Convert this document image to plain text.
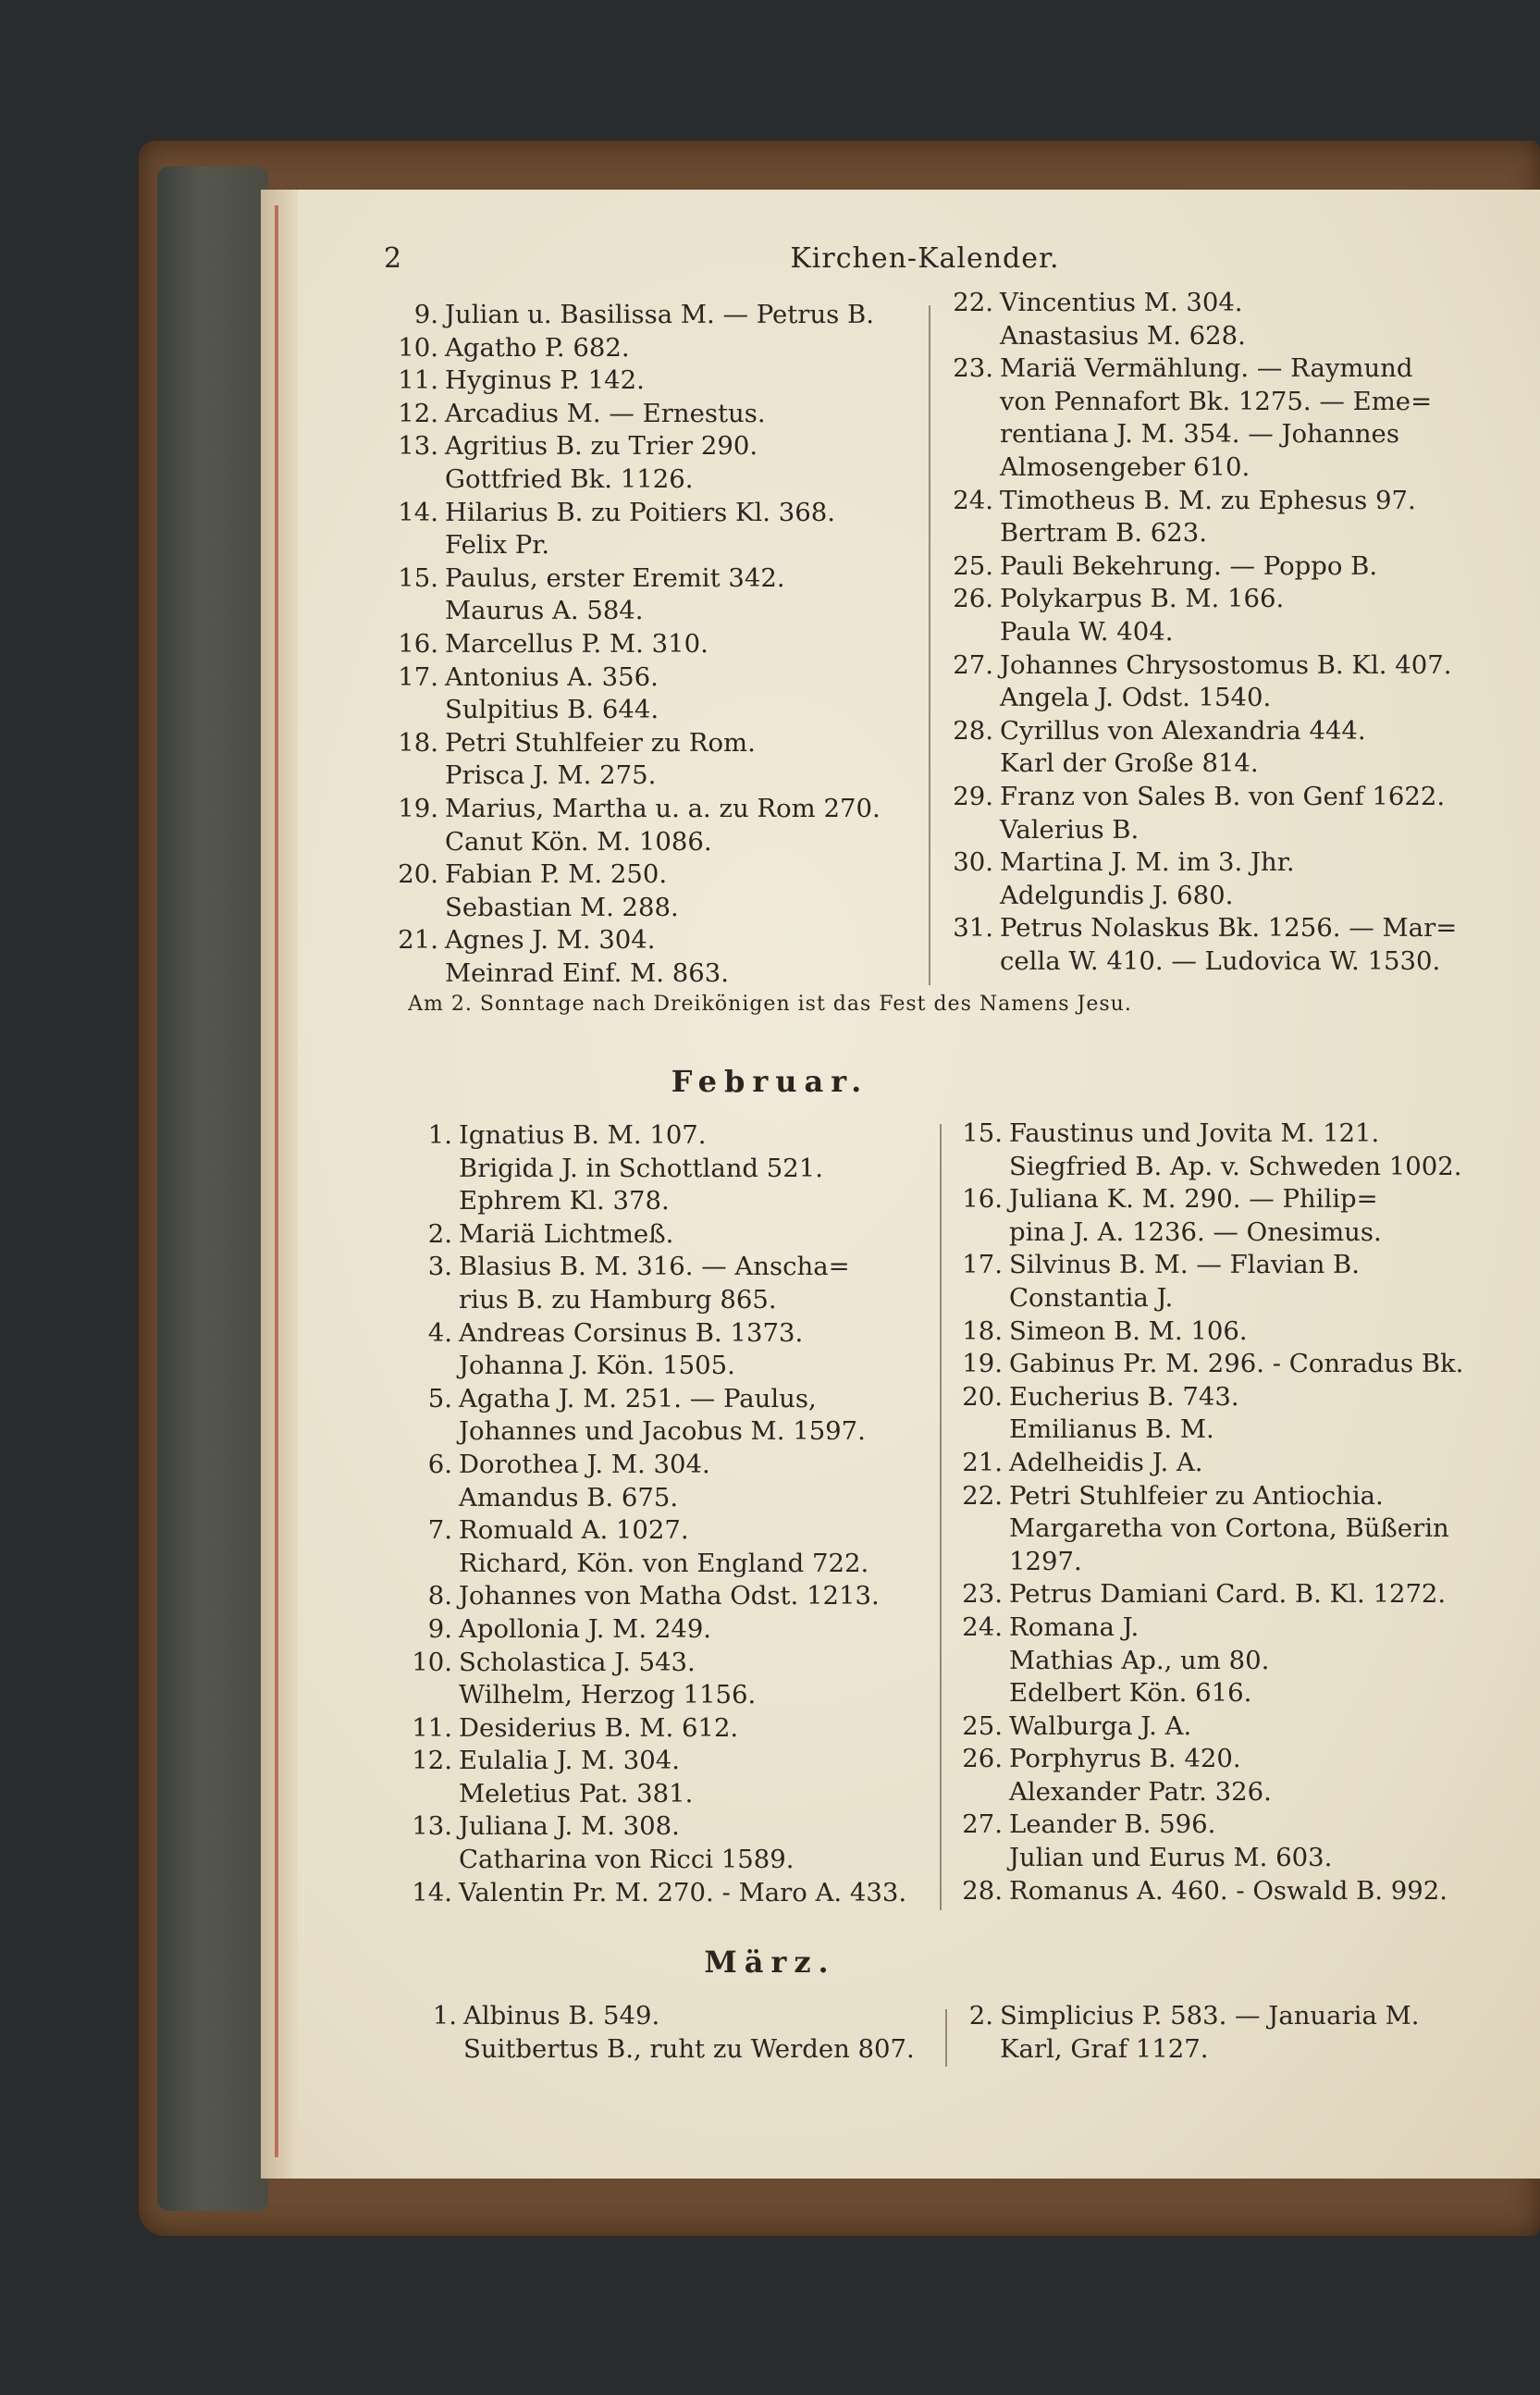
2	Kirchen-Kalender.
9. Julian u. Basilissa M. — Petrus B.
10. Agatho P. 682.
11. Hyginus P. 142.
12. Arcadius M. — Ernestus.
13. Agritius B. zu Trier 290.
Gottfried Bk. 1126.
14. Hilarius B. zu Poitiers Kl. 368.
Felix Pr.
15. Paulus, erster Eremit 342.
Maurus A. 584.
16. Marcellus P. M. 310.
17. Antonius A. 356.
Sulpitius B. 644.
18. Petri Stuhlfeier zu Rom.
Prisca J. M. 275.
19. Marius, Martha u. a. zu Rom 270.
Canut Kön. M. 1086.
20. Fabian P. M. 250.
Sebastian M. 288.
21. Agnes J. M. 304.
Meinrad Einf. M. 863.
22. Vincentius M. 304.
Anastasius M. 628.
23. Mariä Vermählung. — Raymund
von Pennafort Bk. 1275. — Eme=
rentiana J. M. 354. — Johannes
Almosengeber 610.
24. Timotheus B. M. zu Ephesus 97.
Bertram B. 623.
25. Pauli Bekehrung. — Poppo B.
26. Polykarpus B. M. 166.
Paula W. 404.
27. Johannes Chrysostomus B. Kl. 407.
Angela J. Odst. 1540.
28. Cyrillus von Alexandria 444.
Karl der Große 814.
29. Franz von Sales B. von Genf 1622.
Valerius B.
30. Martina J. M. im 3. Jhr.
Adelgundis J. 680.
31. Petrus Nolaskus Bk. 1256. — Mar=
cella W. 410. — Ludovica W. 1530.
Am 2. Sonntage nach Dreikönigen ist das Fest des Namens Jesu.
Februar.
1. Ignatius B. M. 107.
Brigida J. in Schottland 521.
Ephrem Kl. 378.
2. Mariä Lichtmeß.
3. Blasius B. M. 316. — Anscha=
rius B. zu Hamburg 865.
4. Andreas Corsinus B. 1373.
Johanna J. Kön. 1505.
5. Agatha J. M. 251. — Paulus,
Johannes und Jacobus M. 1597.
6. Dorothea J. M. 304.
Amandus B. 675.
7. Romuald A. 1027.
Richard, Kön. von England 722.
8. Johannes von Matha Odst. 1213.
9. Apollonia J. M. 249.
10. Scholastica J. 543.
Wilhelm, Herzog 1156.
11. Desiderius B. M. 612.
12. Eulalia J. M. 304.
Meletius Pat. 381.
13. Juliana J. M. 308.
Catharina von Ricci 1589.
14. Valentin Pr. M. 270. - Maro A. 433.
15. Faustinus und Jovita M. 121.
Siegfried B. Ap. v. Schweden 1002.
16. Juliana K. M. 290. — Philip=
pina J. A. 1236. — Onesimus.
17. Silvinus B. M. — Flavian B.
Constantia J.
18. Simeon B. M. 106.
19. Gabinus Pr. M. 296. - Conradus Bk.
20. Eucherius B. 743.
Emilianus B. M.
21. Adelheidis J. A.
22. Petri Stuhlfeier zu Antiochia.
Margaretha von Cortona, Büßerin
1297.
23. Petrus Damiani Card. B. Kl. 1272.
24. Romana J.
Mathias Ap., um 80.
Edelbert Kön. 616.
25. Walburga J. A.
26. Porphyrus B. 420.
Alexander Patr. 326.
27. Leander B. 596.
Julian und Eurus M. 603.
28. Romanus A. 460. - Oswald B. 992.
März.
1. Albinus B. 549.
Suitbertus B., ruht zu Werden 807.
2. Simplicius P. 583. — Januaria M.
Karl, Graf 1127.
